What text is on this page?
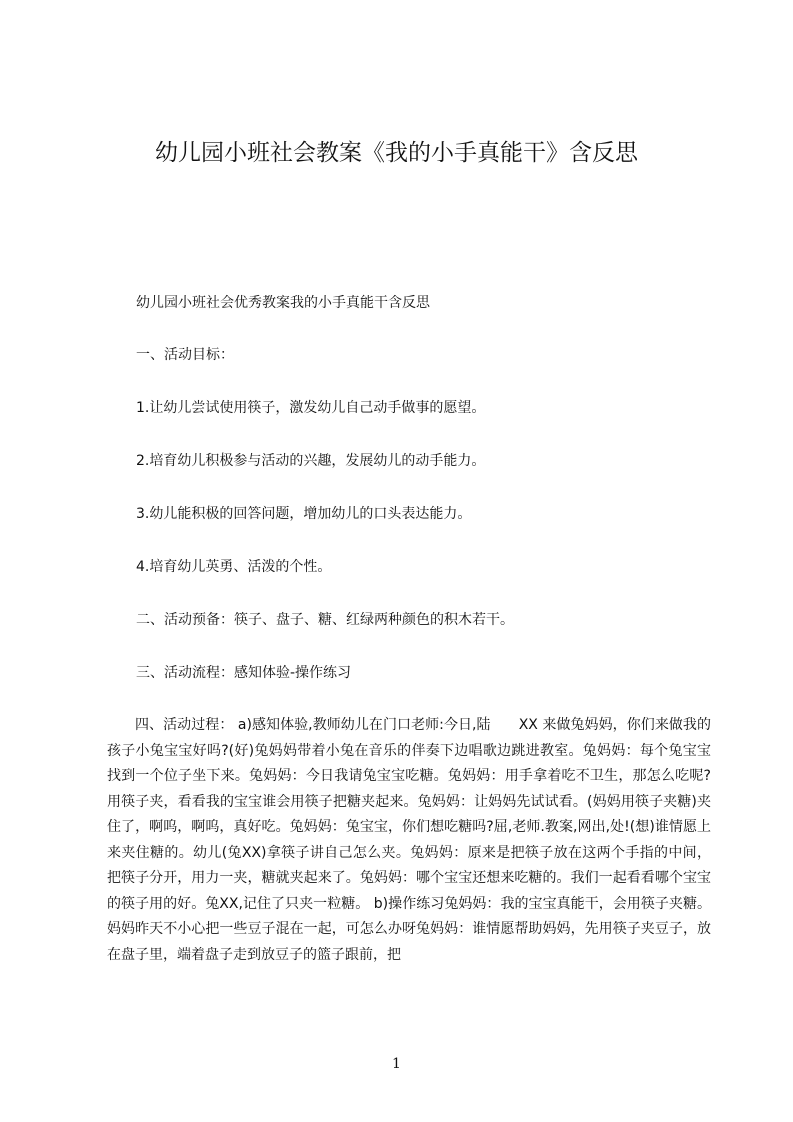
幼儿园小班社会教案《我的小手真能干》含反思
幼儿园小班社会优秀教案我的小手真能干含反思
一、活动目标：
1.让幼儿尝试使用筷子，激发幼儿自己动手做事的愿望。
2.培育幼儿积极参与活动的兴趣，发展幼儿的动手能力。
3.幼儿能积极的回答问题，增加幼儿的口头表达能力。
4.培育幼儿英勇、活泼的个性。
二、活动预备：筷子、盘子、糖、红绿两种颜色的积木若干。
三、活动流程：感知体验-操作练习
四、活动过程： a)感知体验,教师幼儿在门口老师:今日,陆　　XX 来做兔妈妈，你们来做我的孩子小兔宝宝好吗?(好)兔妈妈带着小兔在音乐的伴奏下边唱歌边跳进教室。兔妈妈：每个兔宝宝找到一个位子坐下来。兔妈妈：今日我请兔宝宝吃糖。兔妈妈：用手拿着吃不卫生，那怎么吃呢?用筷子夹，看看我的宝宝谁会用筷子把糖夹起来。兔妈妈：让妈妈先试试看。(妈妈用筷子夹糖)夹住了，啊呜，啊呜，真好吃。兔妈妈：兔宝宝，你们想吃糖吗?屈,老师.教案,网出,处!(想)谁情愿上来夹住糖的。幼儿(兔XX)拿筷子讲自己怎么夹。兔妈妈：原来是把筷子放在这两个手指的中间，把筷子分开，用力一夹，糖就夹起来了。兔妈妈：哪个宝宝还想来吃糖的。我们一起看看哪个宝宝的筷子用的好。兔XX,记住了只夹一粒糖。 b)操作练习兔妈妈：我的宝宝真能干，会用筷子夹糖。妈妈昨天不小心把一些豆子混在一起，可怎么办呀兔妈妈：谁情愿帮助妈妈，先用筷子夹豆子，放在盘子里，端着盘子走到放豆子的篮子跟前，把
1
